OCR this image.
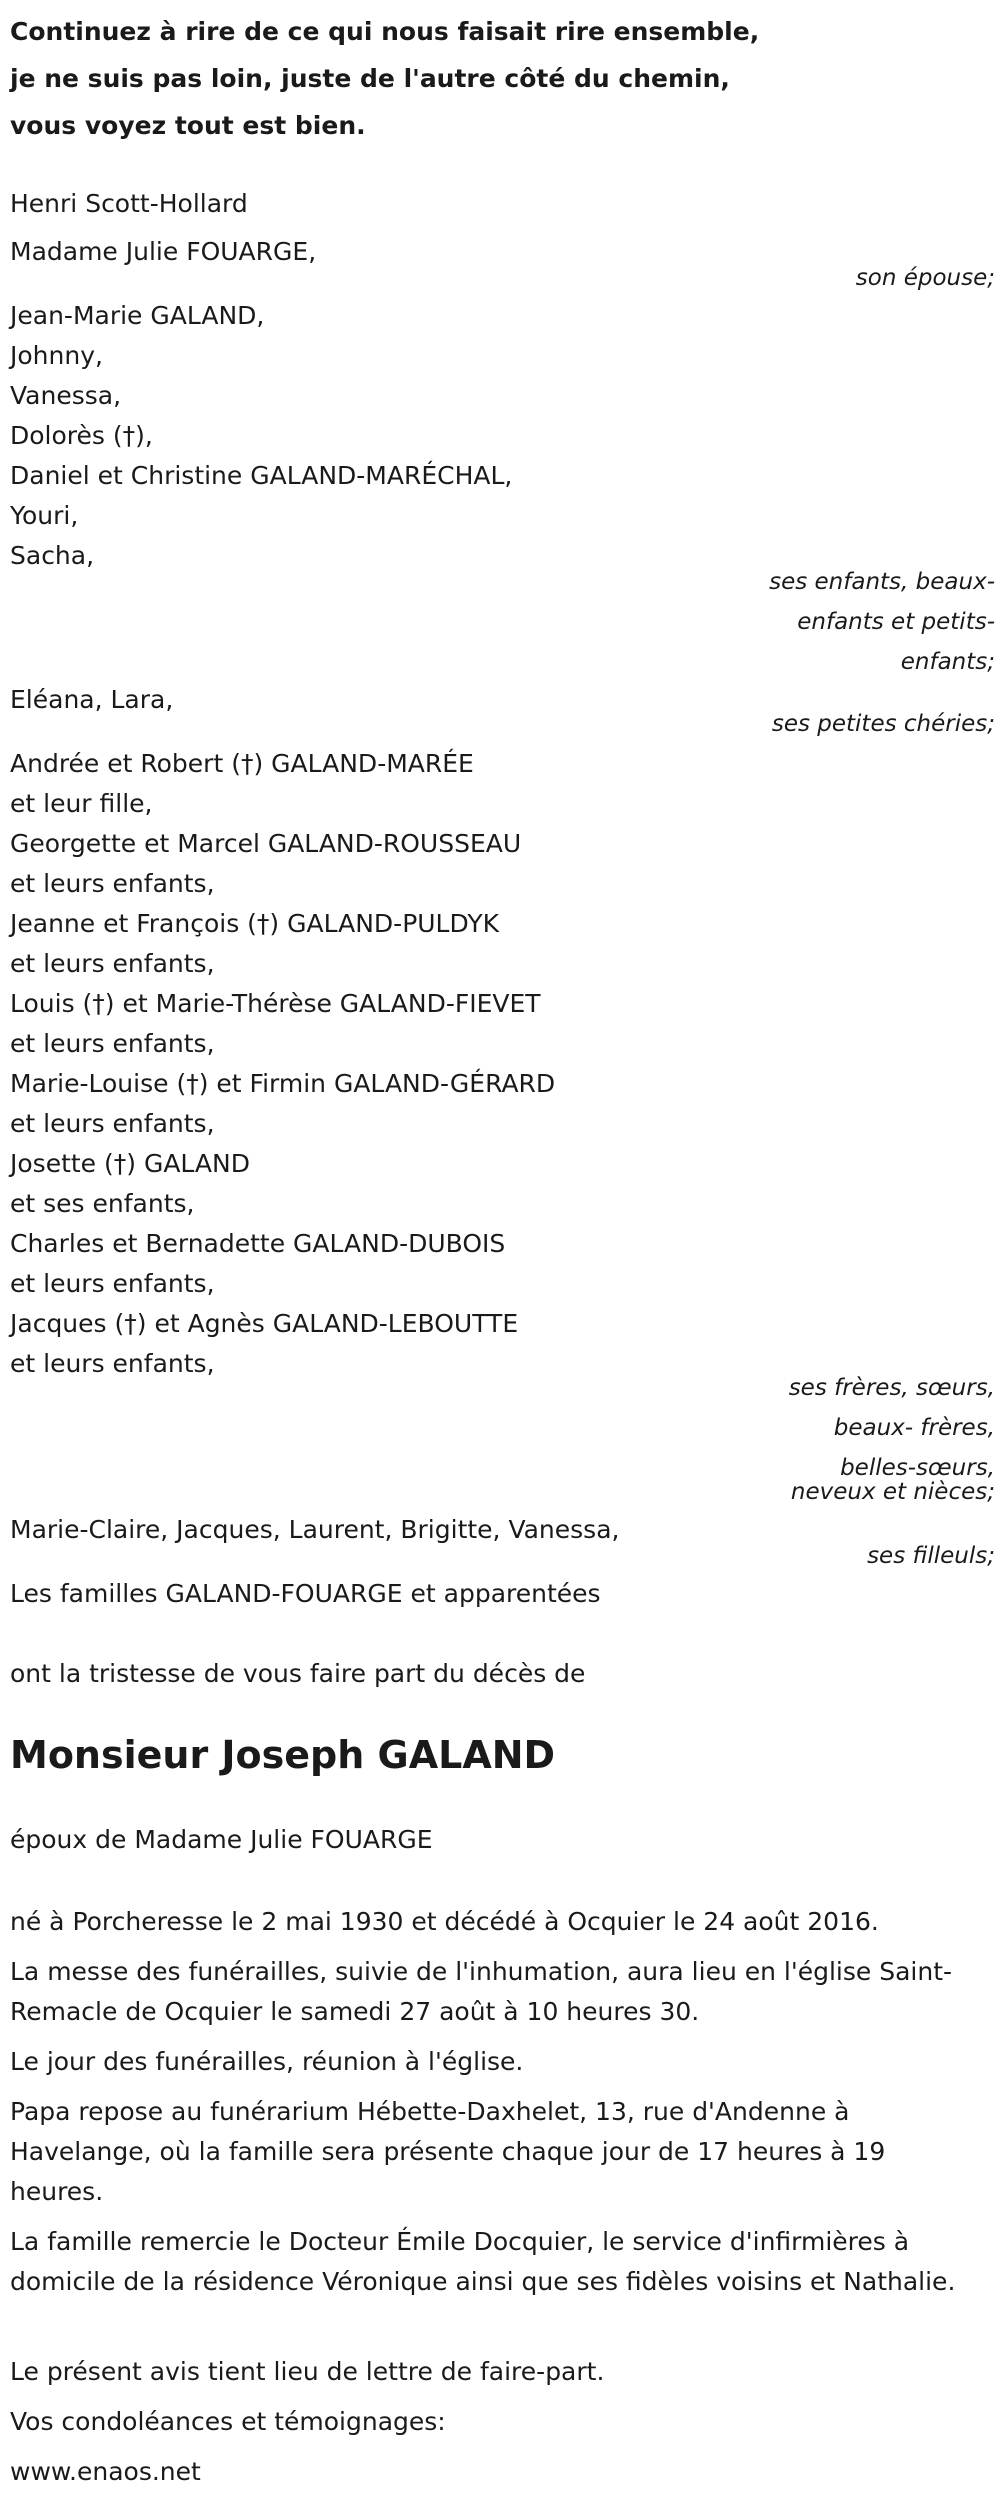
Continuez à rire de ce qui nous faisait rire ensemble,
je ne suis pas loin, juste de l'autre côté du chemin,
vous voyez tout est bien.
Henri Scott-Hollard
Madame Julie FOUARGE,
son épouse;
Jean-Marie GALAND,
Johnny,
Vanessa,
Dolorès (†),
Daniel et Christine GALAND-MARÉCHAL,
Youri,
Sacha,
ses enfants, beaux-
enfants et petits-
enfants;
Eléana, Lara,
ses petites chéries;
Andrée et Robert (†) GALAND-MARÉE
et leur fille,
Georgette et Marcel GALAND-ROUSSEAU
et leurs enfants,
Jeanne et François (†) GALAND-PULDYK
et leurs enfants,
Louis (†) et Marie-Thérèse GALAND-FIEVET
et leurs enfants,
Marie-Louise (†) et Firmin GALAND-GÉRARD
et leurs enfants,
Josette (†) GALAND
et ses enfants,
Charles et Bernadette GALAND-DUBOIS
et leurs enfants,
Jacques (†) et Agnès GALAND-LEBOUTTE
et leurs enfants,
ses frères, sœurs,
beaux- frères,
belles-sœurs,
neveux et nièces;
Marie-Claire, Jacques, Laurent, Brigitte, Vanessa,
ses filleuls;
Les familles GALAND-FOUARGE et apparentées
ont la tristesse de vous faire part du décès de
Monsieur Joseph GALAND
époux de Madame Julie FOUARGE
né à Porcheresse le 2 mai 1930 et décédé à Ocquier le 24 août 2016.
La messe des funérailles, suivie de l'inhumation, aura lieu en l'église Saint-Remacle de Ocquier le samedi 27 août à 10 heures 30.
Le jour des funérailles, réunion à l'église.
Papa repose au funérarium Hébette-Daxhelet, 13, rue d'Andenne à Havelange, où la famille sera présente chaque jour de 17 heures à 19 heures.
La famille remercie le Docteur Émile Docquier, le service d'infirmières à domicile de la résidence Véronique ainsi que ses fidèles voisins et Nathalie.
Le présent avis tient lieu de lettre de faire-part.
Vos condoléances et témoignages:
www.enaos.net
